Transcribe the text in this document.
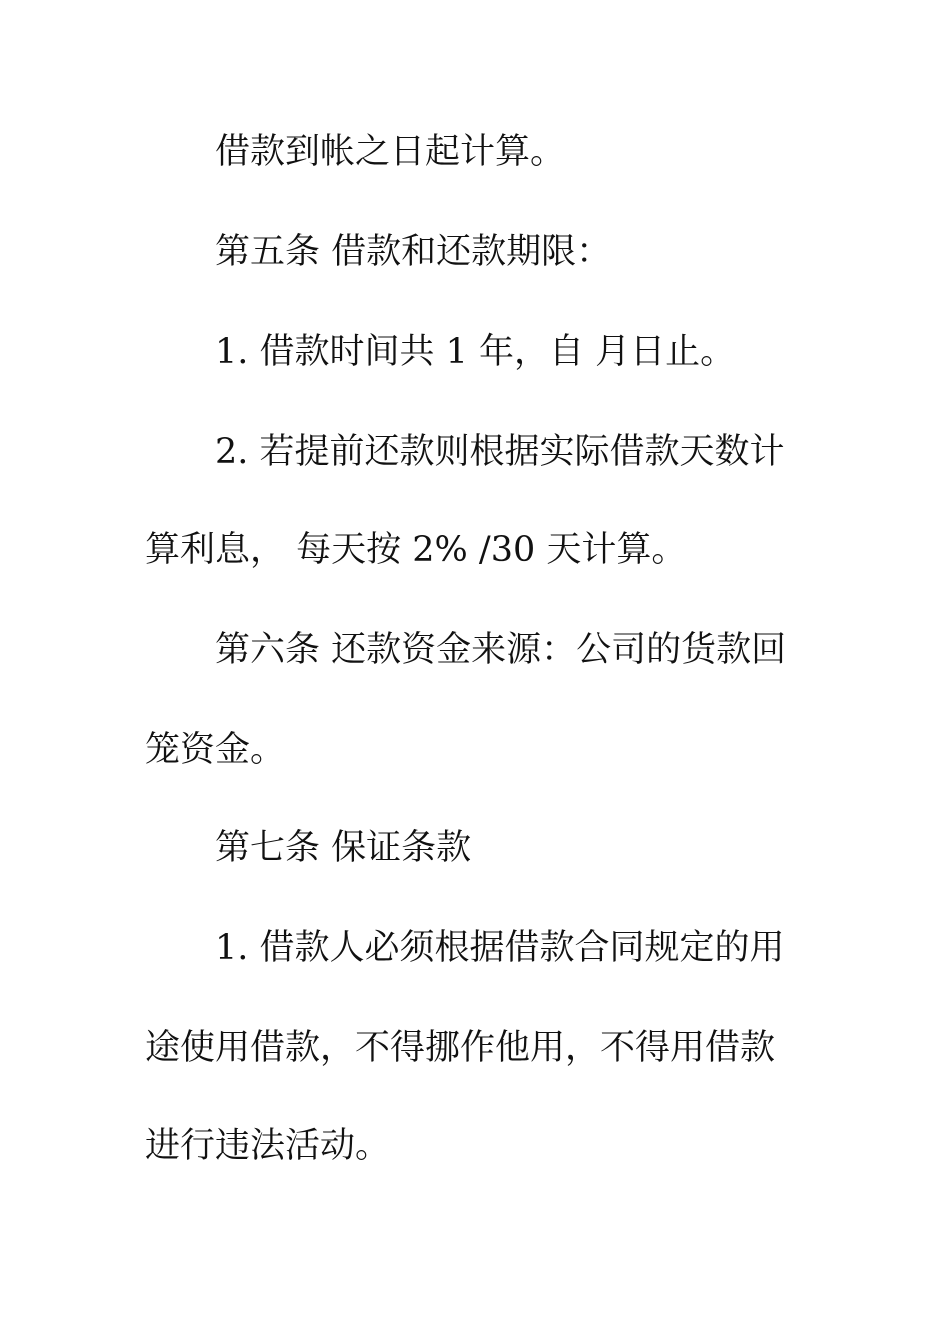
借款到帐之日起计算。
第五条 借款和还款期限：
1. 借款时间共 1 年，自 月日止。
2. 若提前还款则根据实际借款天数计
算利息， 每天按 2% /30 天计算。
第六条 还款资金来源：公司的货款回
笼资金。
第七条 保证条款
1. 借款人必须根据借款合同规定的用
途使用借款，不得挪作他用，不得用借款
进行违法活动。
